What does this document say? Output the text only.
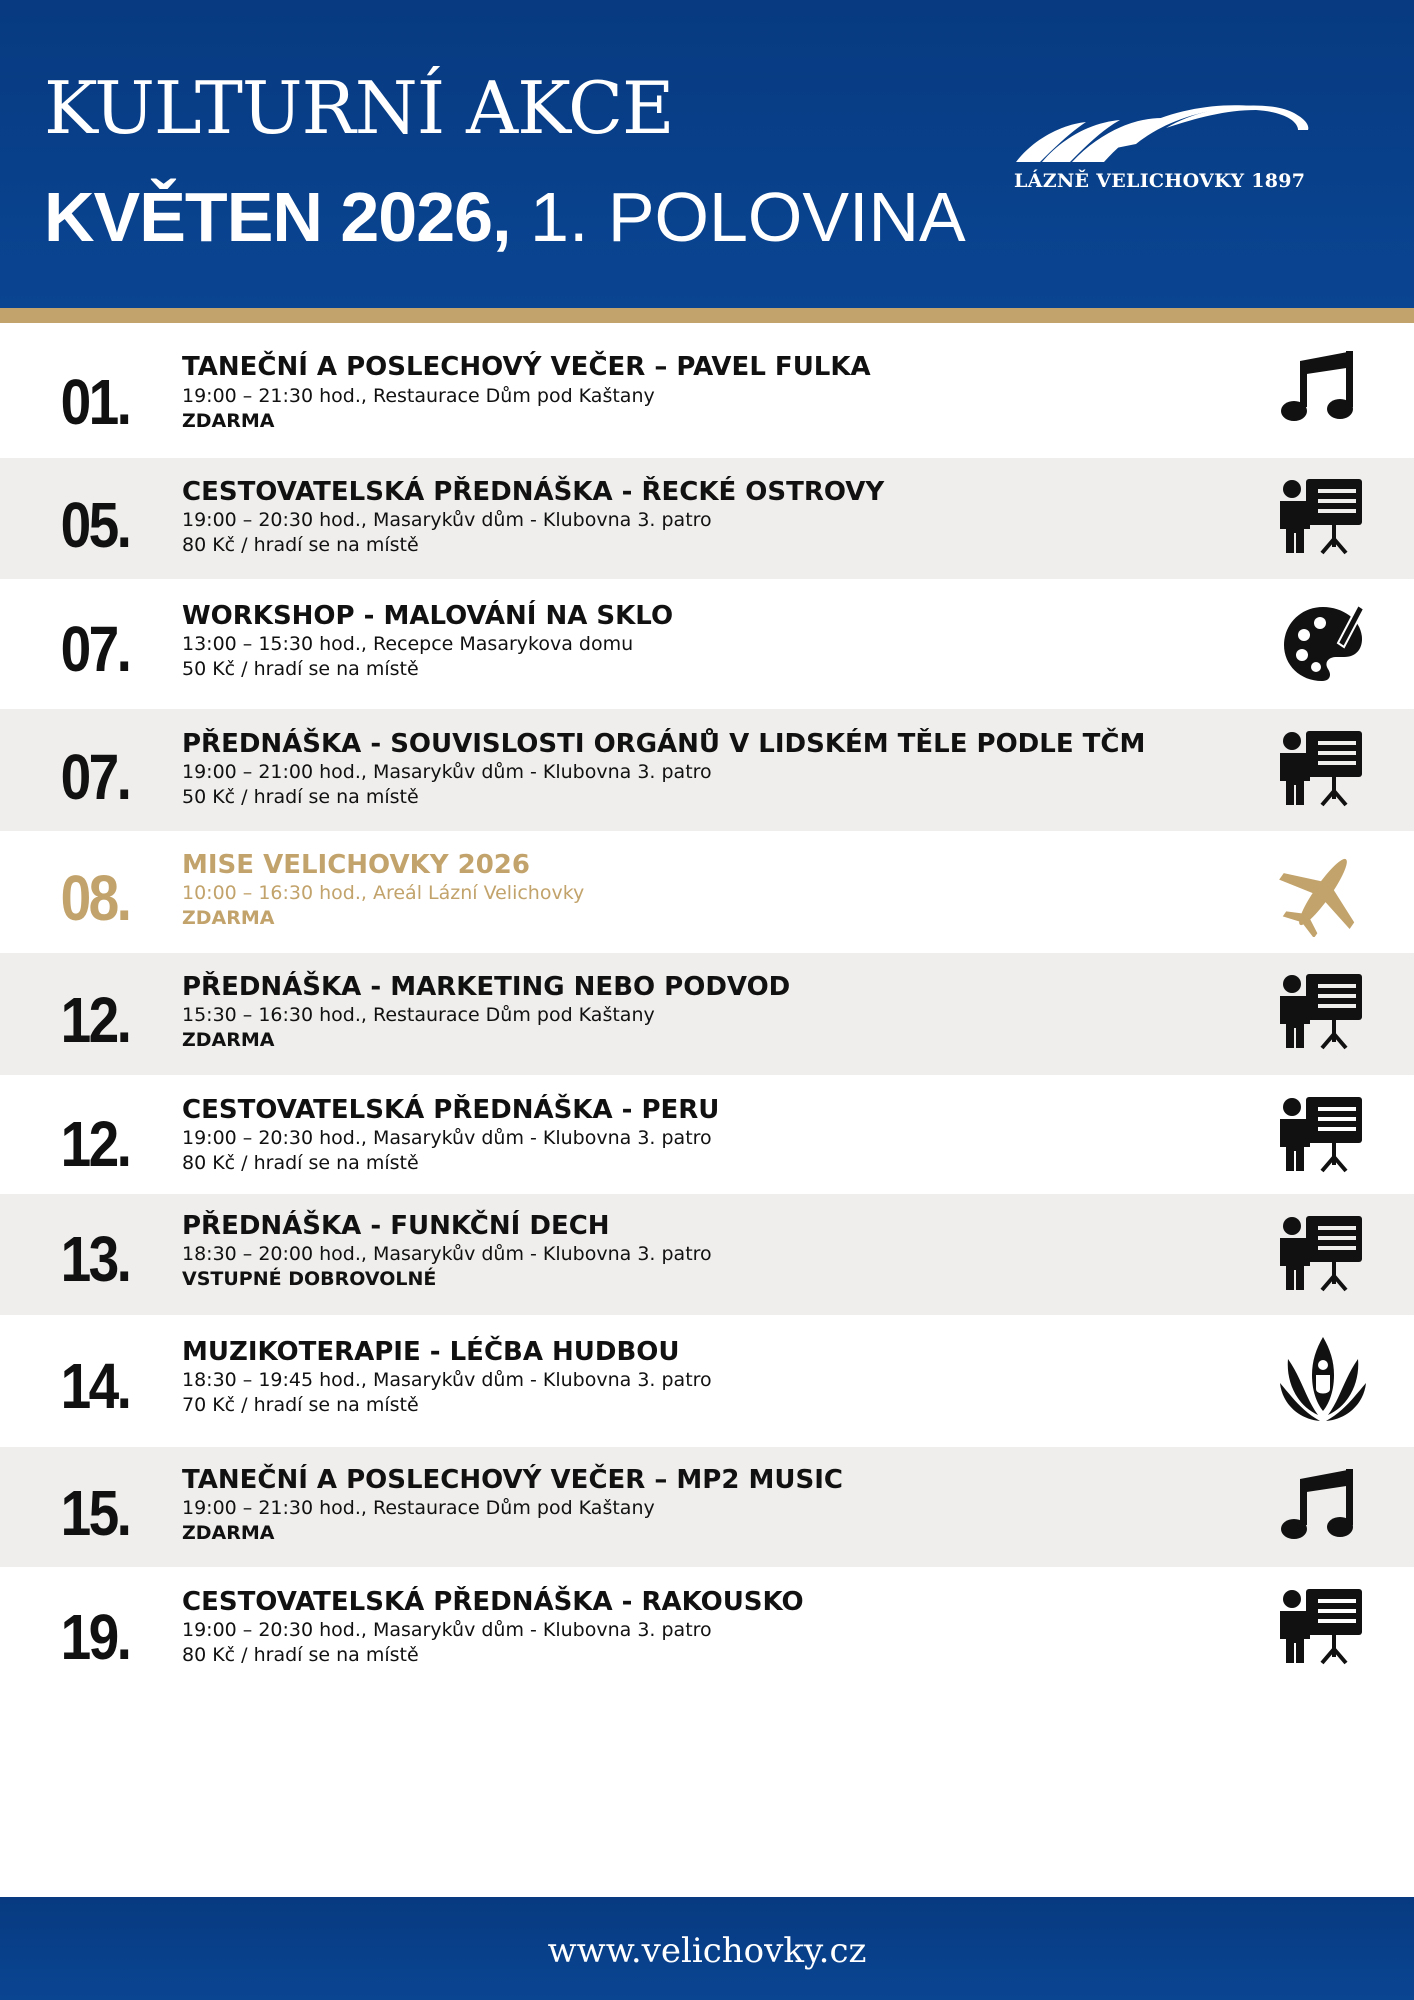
KULTURNÍ AKCE
KVĚTEN 2026, 1. POLOVINA	LÁZNĚ VELICHOVKY 1897
01.	TANEČNÍ A POSLECHOVÝ VEČER – PAVEL FULKA
19:00 – 21:30 hod., Restaurace Dům pod Kaštany
ZDARMA
05.	CESTOVATELSKÁ PŘEDNÁŠKA - ŘECKÉ OSTROVY
19:00 – 20:30 hod., Masarykův dům - Klubovna 3. patro
80 Kč / hradí se na místě
07.	WORKSHOP - MALOVÁNÍ NA SKLO
13:00 – 15:30 hod., Recepce Masarykova domu
50 Kč / hradí se na místě
07.	PŘEDNÁŠKA - SOUVISLOSTI ORGÁNŮ V LIDSKÉM TĚLE PODLE TČM
19:00 – 21:00 hod., Masarykův dům - Klubovna 3. patro
50 Kč / hradí se na místě
08.	MISE VELICHOVKY 2026
10:00 – 16:30 hod., Areál Lázní Velichovky
ZDARMA
12.	PŘEDNÁŠKA - MARKETING NEBO PODVOD
15:30 – 16:30 hod., Restaurace Dům pod Kaštany
ZDARMA
12.	CESTOVATELSKÁ PŘEDNÁŠKA - PERU
19:00 – 20:30 hod., Masarykův dům - Klubovna 3. patro
80 Kč / hradí se na místě
13.	PŘEDNÁŠKA - FUNKČNÍ DECH
18:30 – 20:00 hod., Masarykův dům - Klubovna 3. patro
VSTUPNÉ DOBROVOLNÉ
14.	MUZIKOTERAPIE - LÉČBA HUDBOU
18:30 – 19:45 hod., Masarykův dům - Klubovna 3. patro
70 Kč / hradí se na místě
15.	TANEČNÍ A POSLECHOVÝ VEČER – MP2 MUSIC
19:00 – 21:30 hod., Restaurace Dům pod Kaštany
ZDARMA
19.	CESTOVATELSKÁ PŘEDNÁŠKA - RAKOUSKO
19:00 – 20:30 hod., Masarykův dům - Klubovna 3. patro
80 Kč / hradí se na místě
www.velichovky.cz
